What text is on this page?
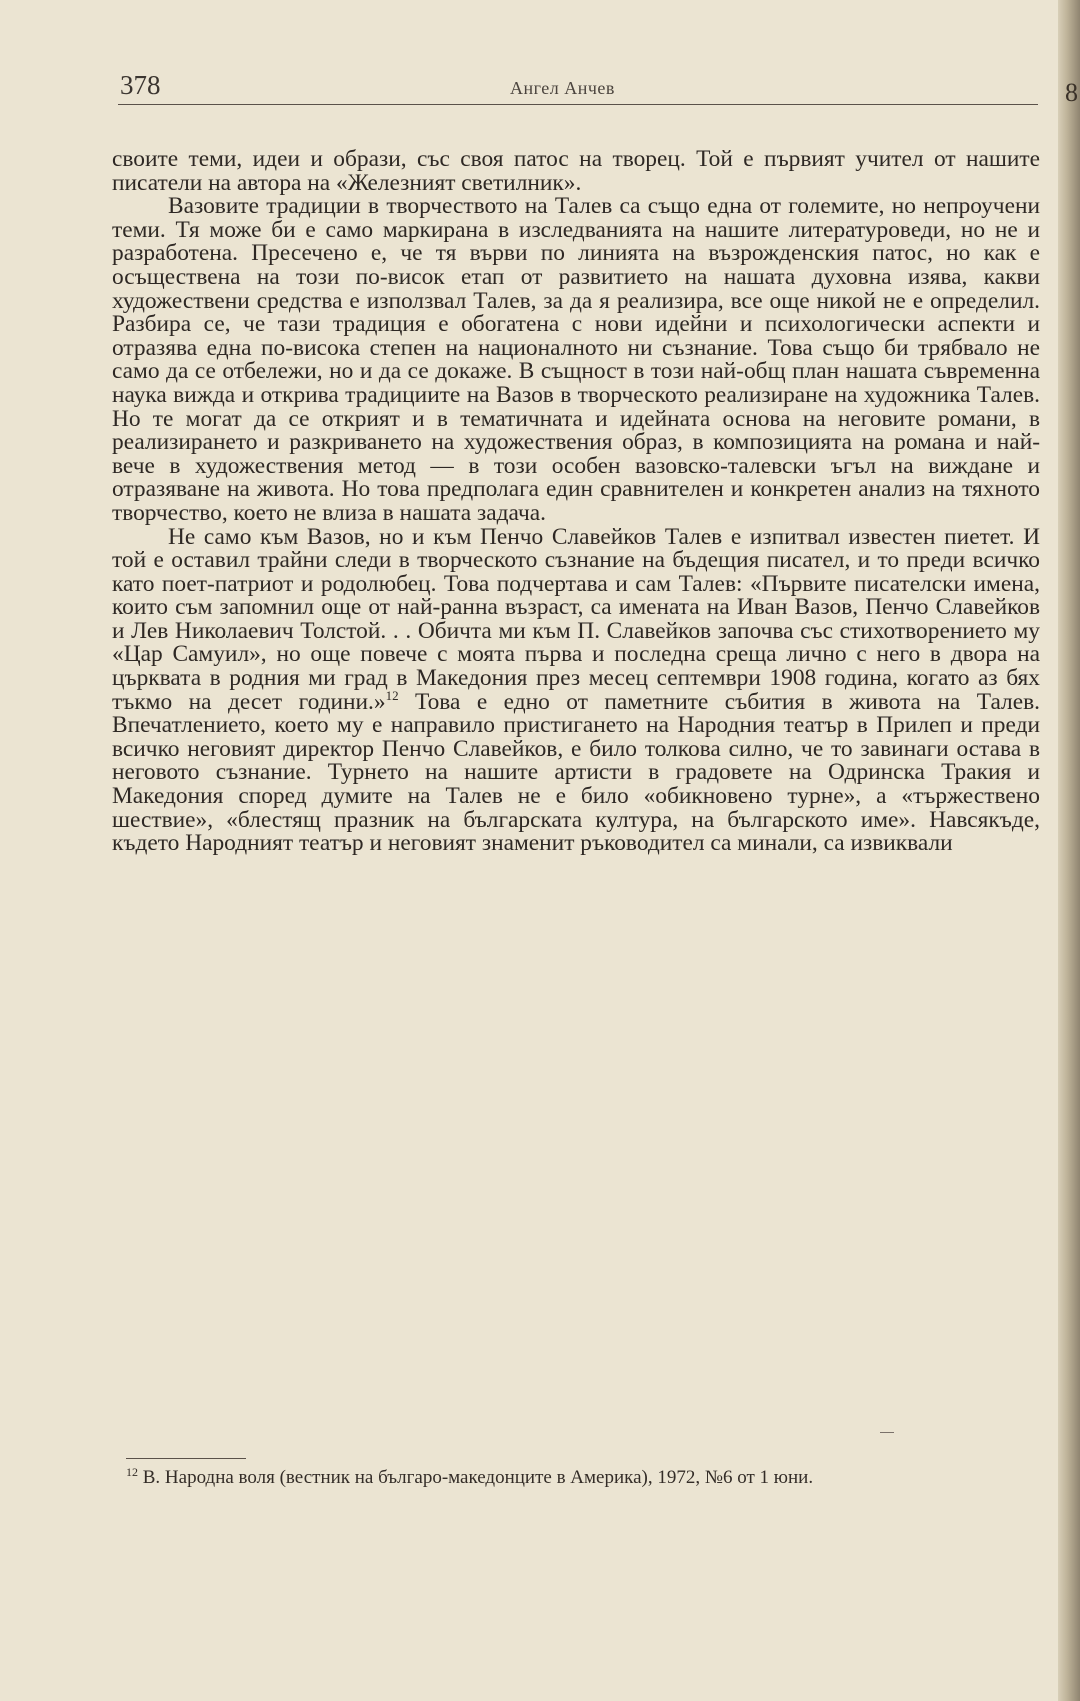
378	Ангел Анчев

своите теми, идеи и образи, със своя патос на творец. Той е първият учител от нашите писатели на автора на «Железният светилник».

Вазовите традиции в творчеството на Талев са също една от големите, но непроучени теми. Тя може би е само маркирана в изследванията на нашите литературоведи, но не и разработена. Пресечено е, че тя върви по линията на възрожденския патос, но как е осъществена на този по-висок етап от развитието на нашата духовна изява, какви художествени средства е използвал Талев, за да я реализира, все още никой не е определил. Разбира се, че тази традиция е обогатена с нови идейни и психологически аспекти и отразява една по-висока степен на националното ни съзнание. Това също би трябвало не само да се отбележи, но и да се докаже. В същност в този най-общ план нашата съвременна наука вижда и открива традициите на Вазов в творческото реализиране на художника Талев. Но те могат да се открият и в тематичната и идейната основа на неговите романи, в реализирането и разкриването на художествения образ, в композицията на романа и най-вече в художествения метод — в този особен вазовско-талевски ъгъл на виждане и отразяване на живота. Но това предполага един сравнителен и конкретен анализ на тяхното творчество, което не влиза в нашата задача.

Не само към Вазов, но и към Пенчо Славейков Талев е изпитвал известен пиетет. И той е оставил трайни следи в творческото съзнание на бъдещия писател, и то преди всичко като поет-патриот и родолюбец. Това подчертава и сам Талев: «Първите писателски имена, които съм запомнил още от най-ранна възраст, са имената на Иван Вазов, Пенчо Славейков и Лев Николаевич Толстой. . . Обичта ми към П. Славейков започва със стихотворението му «Цар Самуил», но още повече с моята първа и последна среща лично с него в двора на църквата в родния ми град в Македония през месец септември 1908 година, когато аз бях тъкмо на десет години.»$^{12}$ Това е едно от паметните събития в живота на Талев. Впечатлението, което му е направило пристигането на Народния театър в Прилеп и преди всичко неговият директор Пенчо Славейков, е било толкова силно, че то завинаги остава в неговото съзнание. Турнето на нашите артисти в градовете на Одринска Тракия и Македония според думите на Талев не е било «обикновено турне», а «тържествено шествие», «блестящ празник на българската култура, на българското име». Навсякъде, където Народният театър и неговият знаменит ръководител са минали, са извиквали

$^{12}$ В. Народна воля (вестник на българо-македонците в Америка), 1972, №6 от 1 юни.
8
